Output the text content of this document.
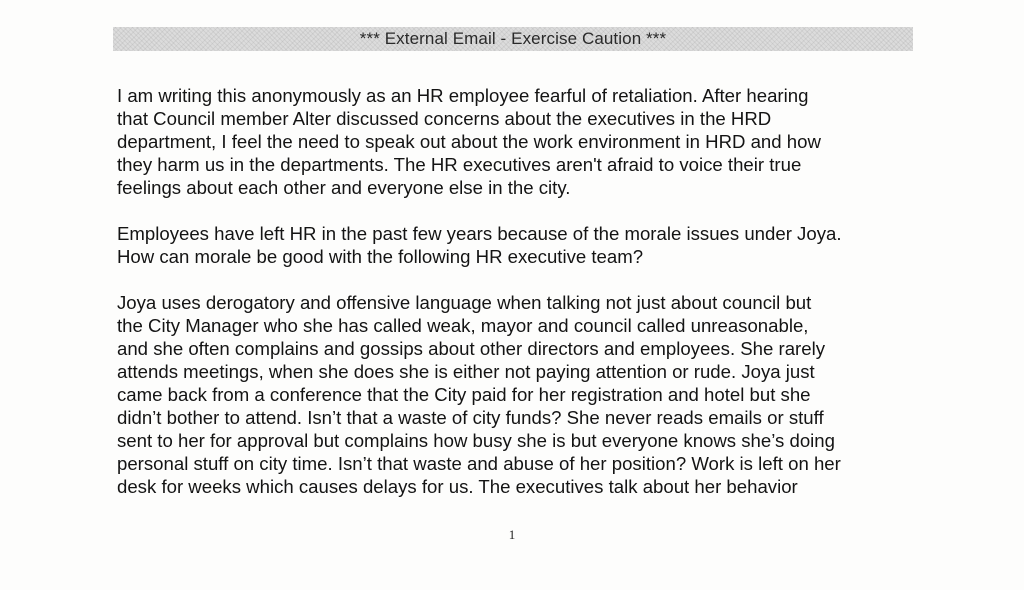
*** External Email - Exercise Caution ***

I am writing this anonymously as an HR employee fearful of retaliation. After hearing
that Council member Alter discussed concerns about the executives in the HRD
department, I feel the need to speak out about the work environment in HRD and how
they harm us in the departments. The HR executives aren't afraid to voice their true
feelings about each other and everyone else in the city.

Employees have left HR in the past few years because of the morale issues under Joya.
How can morale be good with the following HR executive team?

Joya uses derogatory and offensive language when talking not just about council but
the City Manager who she has called weak, mayor and council called unreasonable,
and she often complains and gossips about other directors and employees. She rarely
attends meetings, when she does she is either not paying attention or rude. Joya just
came back from a conference that the City paid for her registration and hotel but she
didn’t bother to attend. Isn’t that a waste of city funds? She never reads emails or stuff
sent to her for approval but complains how busy she is but everyone knows she’s doing
personal stuff on city time. Isn’t that waste and abuse of her position? Work is left on her
desk for weeks which causes delays for us. The executives talk about her behavior

1
